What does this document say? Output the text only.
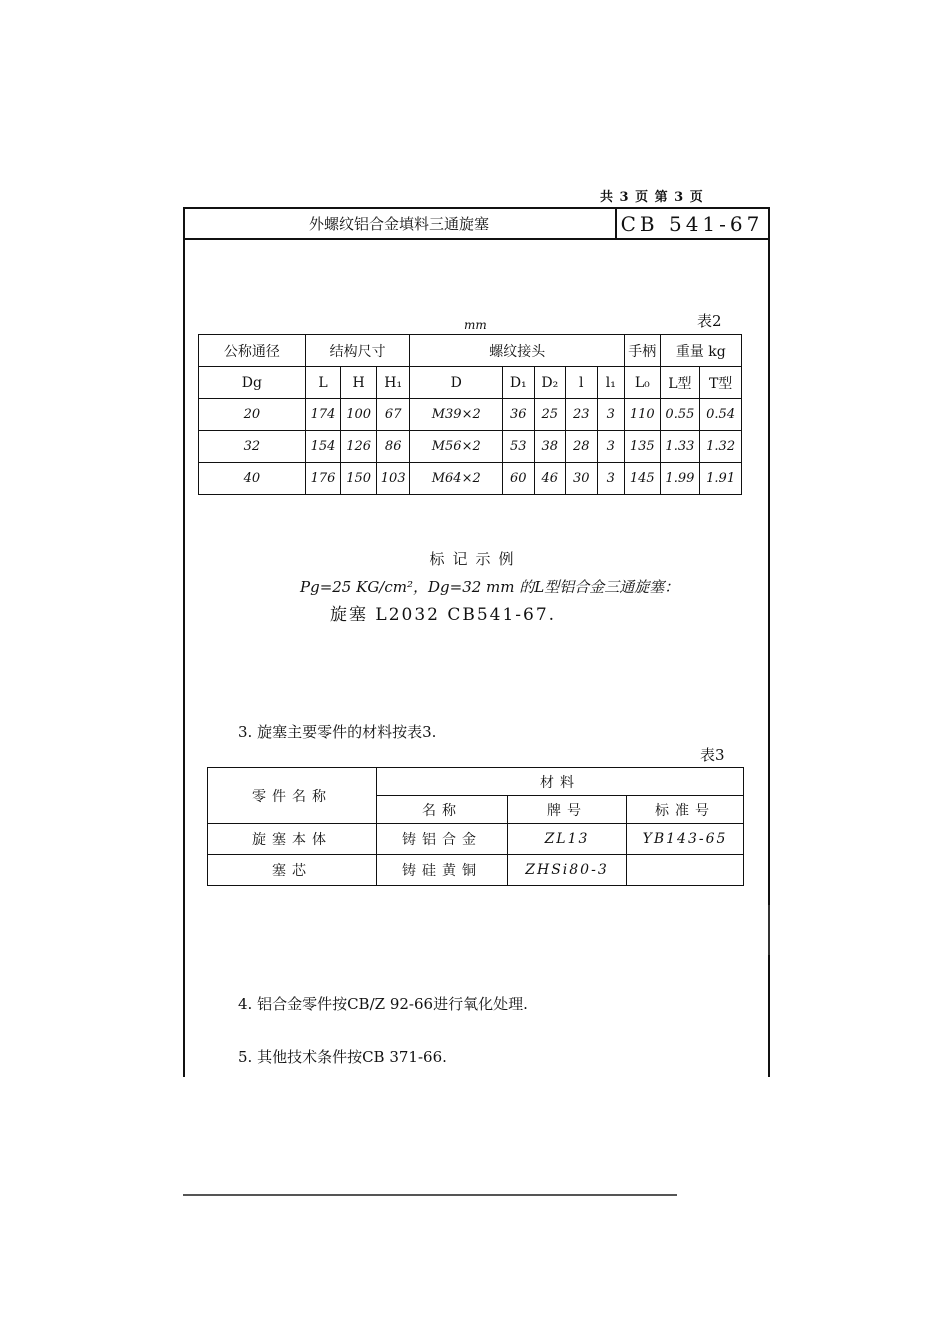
共 3 页 第 3 页
外螺纹铝合金填料三通旋塞	CB 541-67
mm	表2
公称通径	结构尺寸			螺纹接头					手柄	重量 kg	
Dg	L	H	H₁	D	D₁	D₂	l	l₁	L₀	L型	T型
20	174	100	67	M39×2	36	25	23	3	110	0.55	0.54
32	154	126	86	M56×2	53	38	28	3	135	1.33	1.32
40	176	150	103	M64×2	60	46	30	3	145	1.99	1.91
标记示例
Pg=25 KG/cm²，Dg=32 mm 的L型铝合金三通旋塞：
旋塞 L2032 CB541-67.
3. 旋塞主要零件的材料按表3.
表3
零件名称	材料		
	名称	牌号	标准号
旋塞本体	铸铝合金	ZL13	YB143-65
塞芯	铸硅黄铜	ZHSi80-3	
4. 铝合金零件按CB/Z 92-66进行氧化处理.
5. 其他技术条件按CB 371-66.
